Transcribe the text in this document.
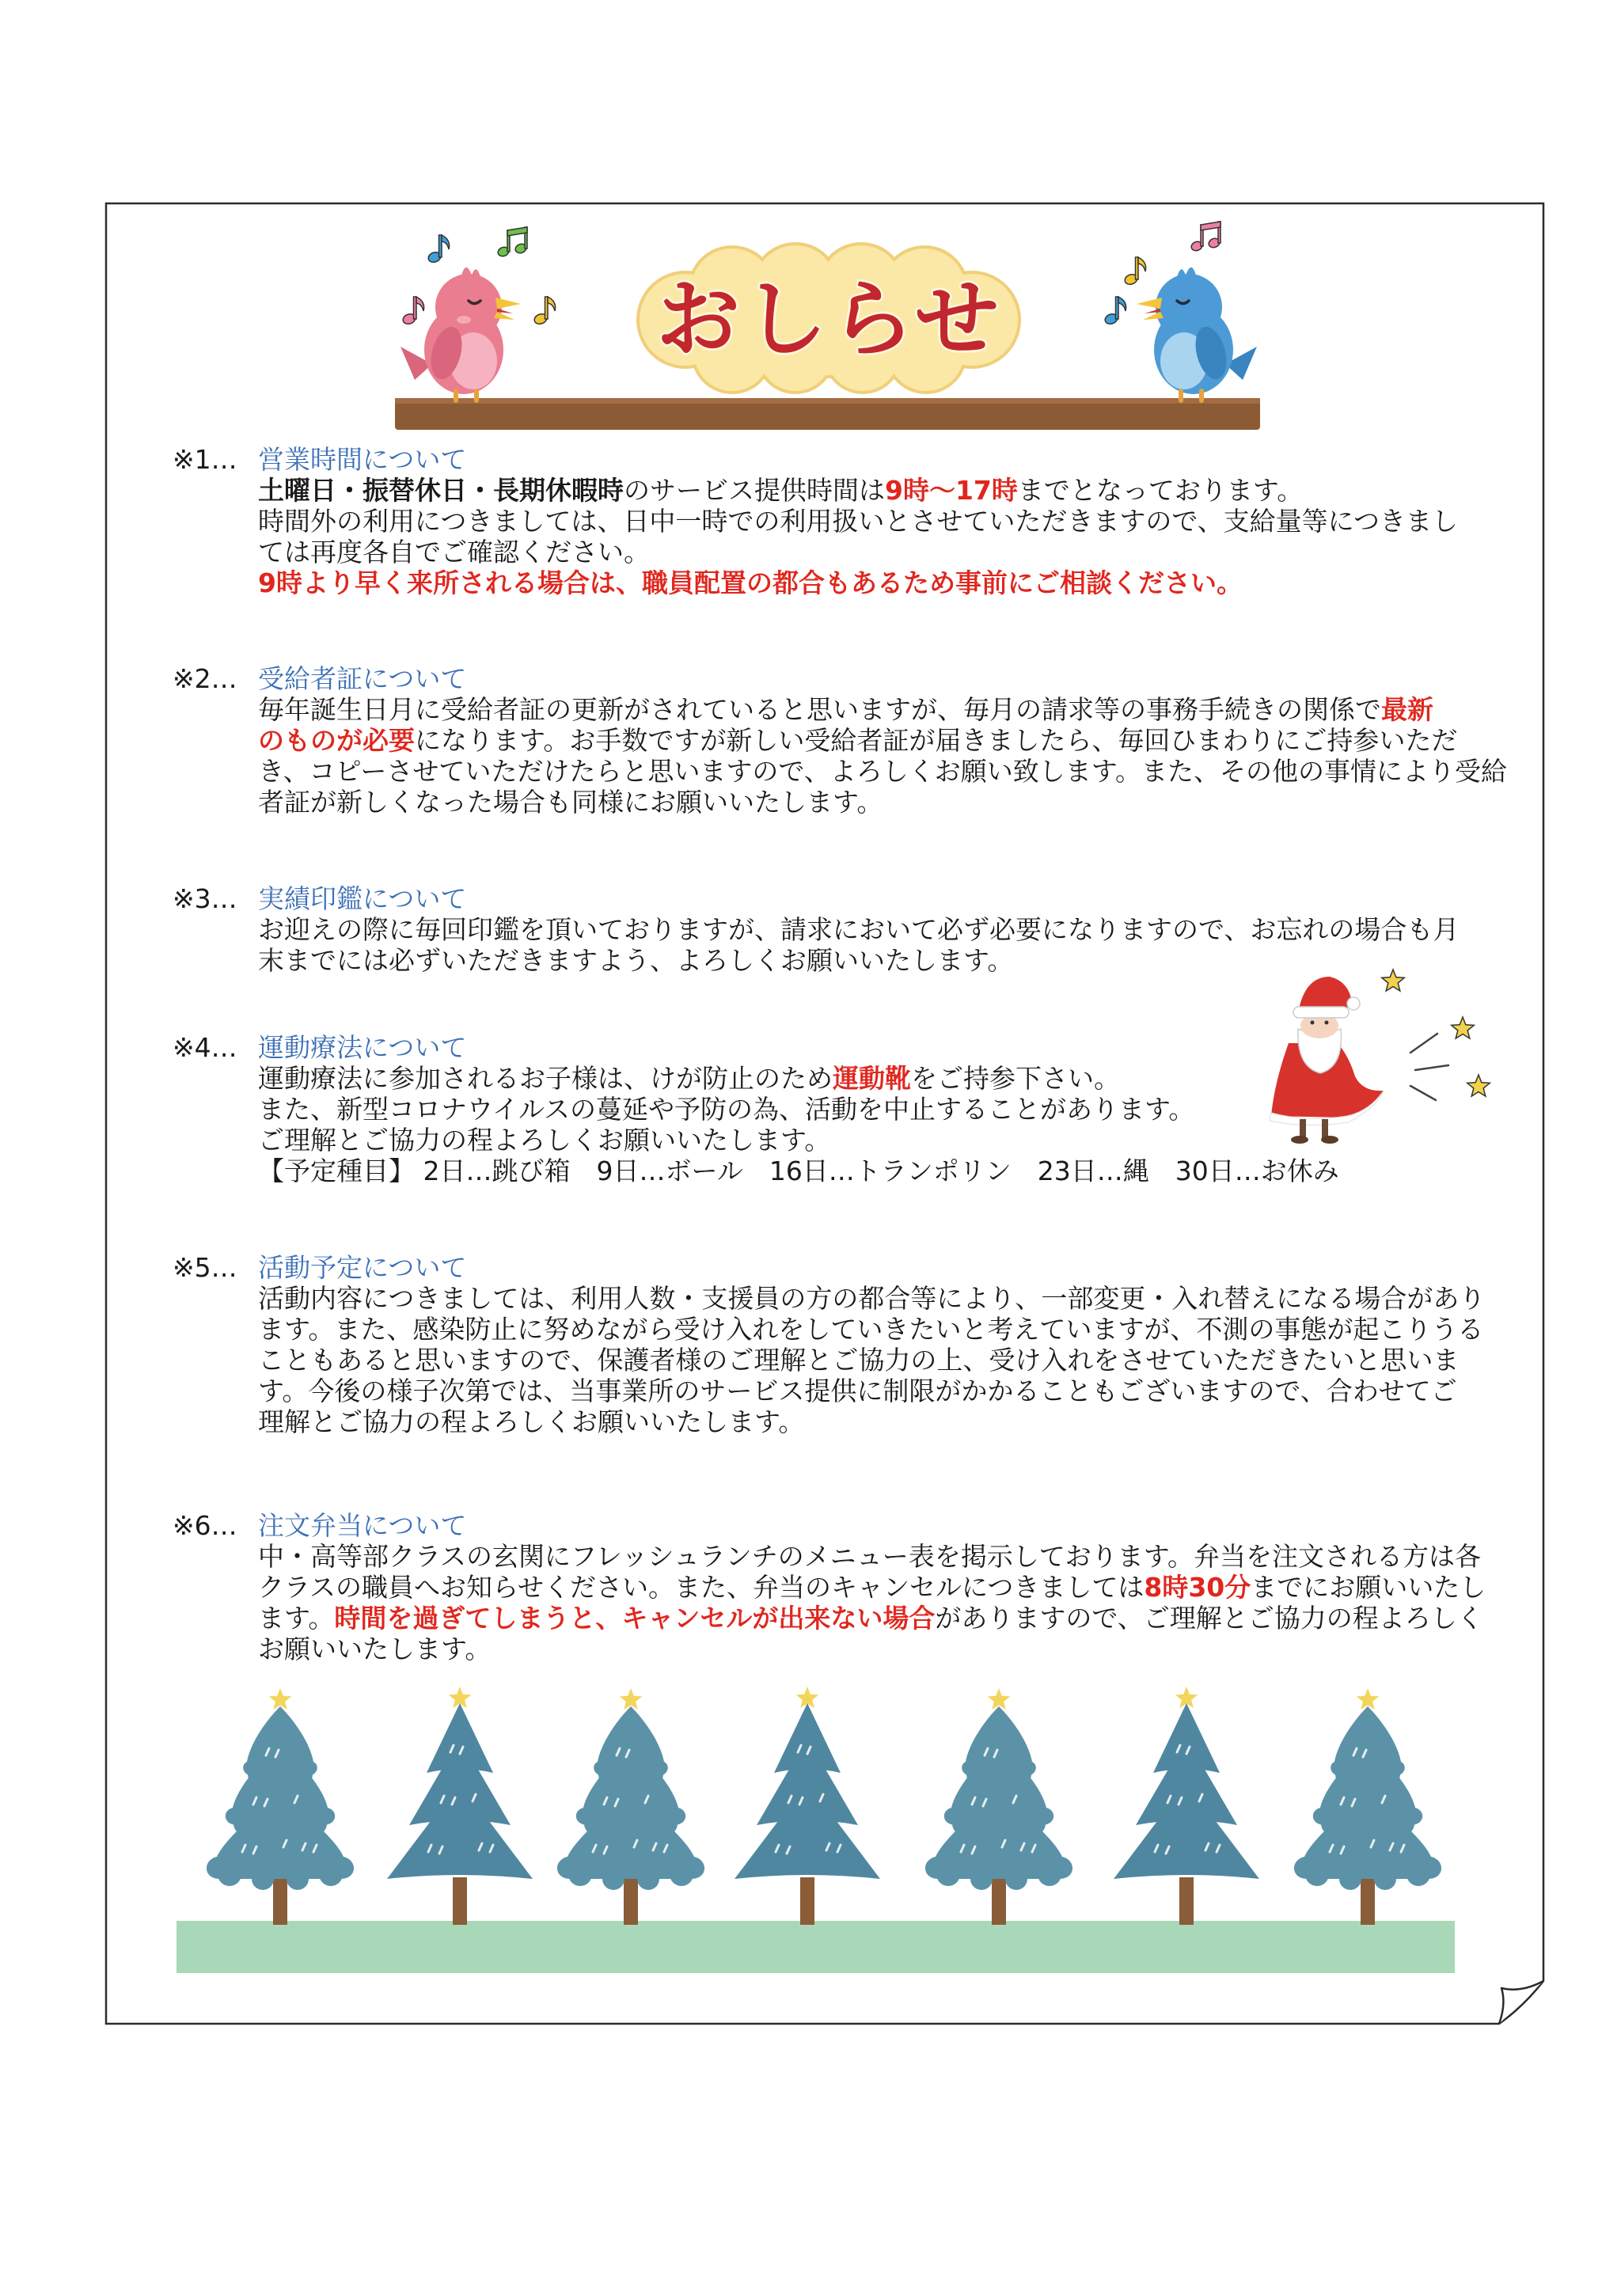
おしらせ
※1… 営業時間について
土曜日・振替休日・長期休暇時のサービス提供時間は9時～17時までとなっております。
時間外の利用につきましては、日中一時での利用扱いとさせていただきますので、支給量等につきまし
ては再度各自でご確認ください。
9時より早く来所される場合は、職員配置の都合もあるため事前にご相談ください。
※2… 受給者証について
毎年誕生日月に受給者証の更新がされていると思いますが、毎月の請求等の事務手続きの関係で最新
のものが必要になります。お手数ですが新しい受給者証が届きましたら、毎回ひまわりにご持参いただ
き、コピーさせていただけたらと思いますので、よろしくお願い致します。また、その他の事情により受給
者証が新しくなった場合も同様にお願いいたします。
※3… 実績印鑑について
お迎えの際に毎回印鑑を頂いておりますが、請求において必ず必要になりますので、お忘れの場合も月
末までには必ずいただきますよう、よろしくお願いいたします。
※4… 運動療法について
運動療法に参加されるお子様は、けが防止のため運動靴をご持参下さい。
また、新型コロナウイルスの蔓延や予防の為、活動を中止することがあります。
ご理解とご協力の程よろしくお願いいたします。
【予定種目】 2日…跳び箱　9日…ボール　16日…トランポリン　23日…縄　30日…お休み
※5… 活動予定について
活動内容につきましては、利用人数・支援員の方の都合等により、一部変更・入れ替えになる場合があり
ます。また、感染防止に努めながら受け入れをしていきたいと考えていますが、不測の事態が起こりうる
こともあると思いますので、保護者様のご理解とご協力の上、受け入れをさせていただきたいと思いま
す。今後の様子次第では、当事業所のサービス提供に制限がかかることもございますので、合わせてご
理解とご協力の程よろしくお願いいたします。
※6… 注文弁当について
中・高等部クラスの玄関にフレッシュランチのメニュー表を掲示しております。弁当を注文される方は各
クラスの職員へお知らせください。また、弁当のキャンセルにつきましては8時30分までにお願いいたし
ます。時間を過ぎてしまうと、キャンセルが出来ない場合がありますので、ご理解とご協力の程よろしく
お願いいたします。
